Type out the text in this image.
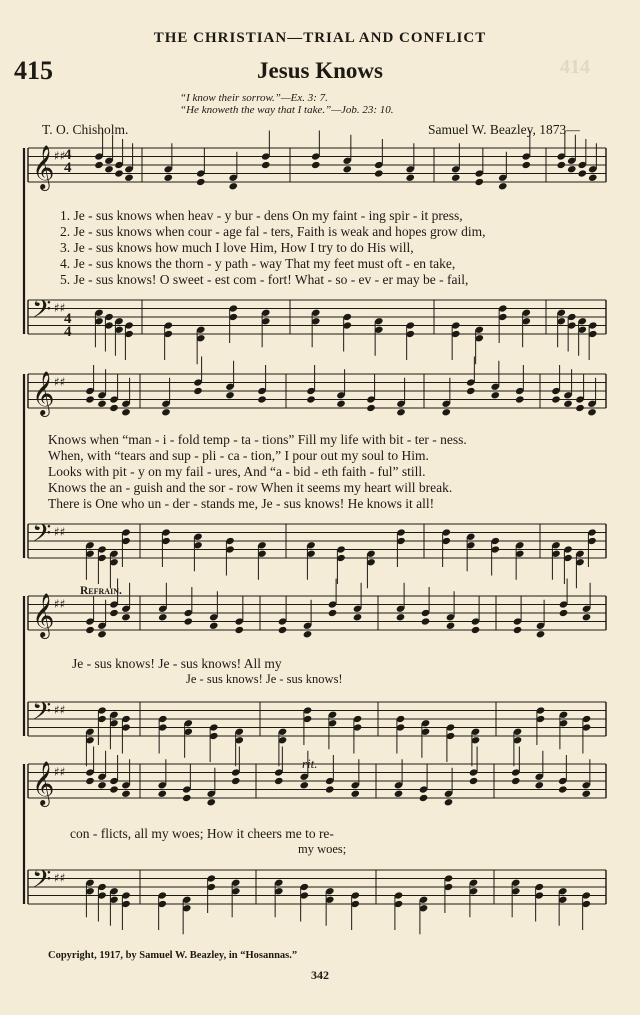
414
THE CHRISTIAN—TRIAL AND CONFLICT
415	Jesus Knows
“I know their sorrow.”—Ex. 3: 7.
“He knoweth the way that I take.”—Job. 23: 10.
T. O. Chisholm.	Samuel W. Beazley, 1873—
𝄞 ♯♯
𝄢 ♯♯
𝄞 ♯♯
𝄢 ♯♯
𝄞 ♯♯
𝄢 ♯♯
𝄞 ♯♯
𝄢 ♯♯
4
4
4
4
1. Je - sus knows when heav - y bur - dens On my faint - ing spir - it press,
2. Je - sus knows when cour - age fal - ters, Faith is weak and hopes grow dim,
3. Je - sus knows how much I love Him, How I try to do His will,
4. Je - sus knows the thorn - y path - way That my feet must oft - en take,
5. Je - sus knows! O sweet - est com - fort! What - so - ev - er may be - fail,
Knows when “man - i - fold temp - ta - tions” Fill my life with bit - ter - ness.
When, with “tears and sup - pli - ca - tion,” I pour out my soul to Him.
Looks with pit - y on my fail - ures, And “a - bid - eth faith - ful” still.
Knows the an - guish and the sor - row When it seems my heart will break.
There is One who un - der - stands me, Je - sus knows! He knows it all!
Refrain.
Je - sus knows! Je - sus knows! All my
Je - sus knows! Je - sus knows!
con - flicts, all my woes; How it cheers me to re-
my woes;
rit.
Copyright, 1917, by Samuel W. Beazley, in “Hosannas.”
342
